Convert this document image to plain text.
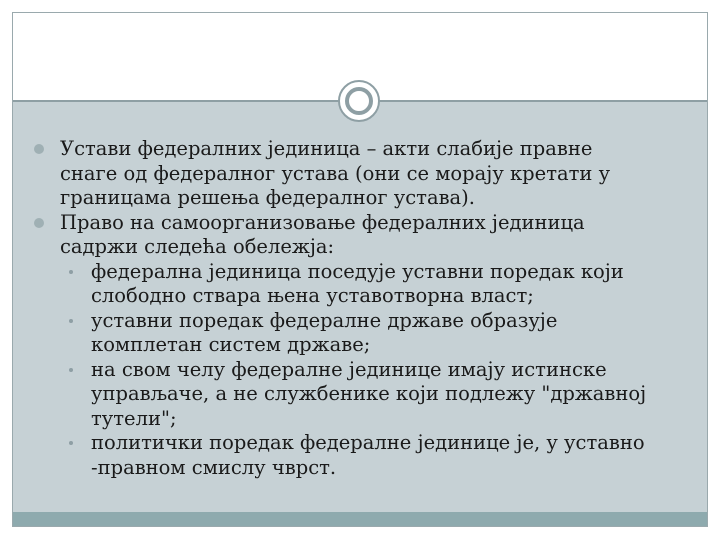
Устави федералних јединица – акти слабије правне
снаге од федералног устава (они се морају кретати у
границама решења федералног устава).
Право на самоорганизовање федералних јединица
садржи следећа обележја:
федерална јединица поседује уставни поредак који
слободно ствара њена уставотворна власт;
уставни поредак федералне државе образује
комплетан систем државе;
на свом челу федералне јединице имају истинске
управљаче, а не службенике који подлежу "државној
тутели";
политички поредак федералне јединице је, у уставно
-правном смислу чврст.
